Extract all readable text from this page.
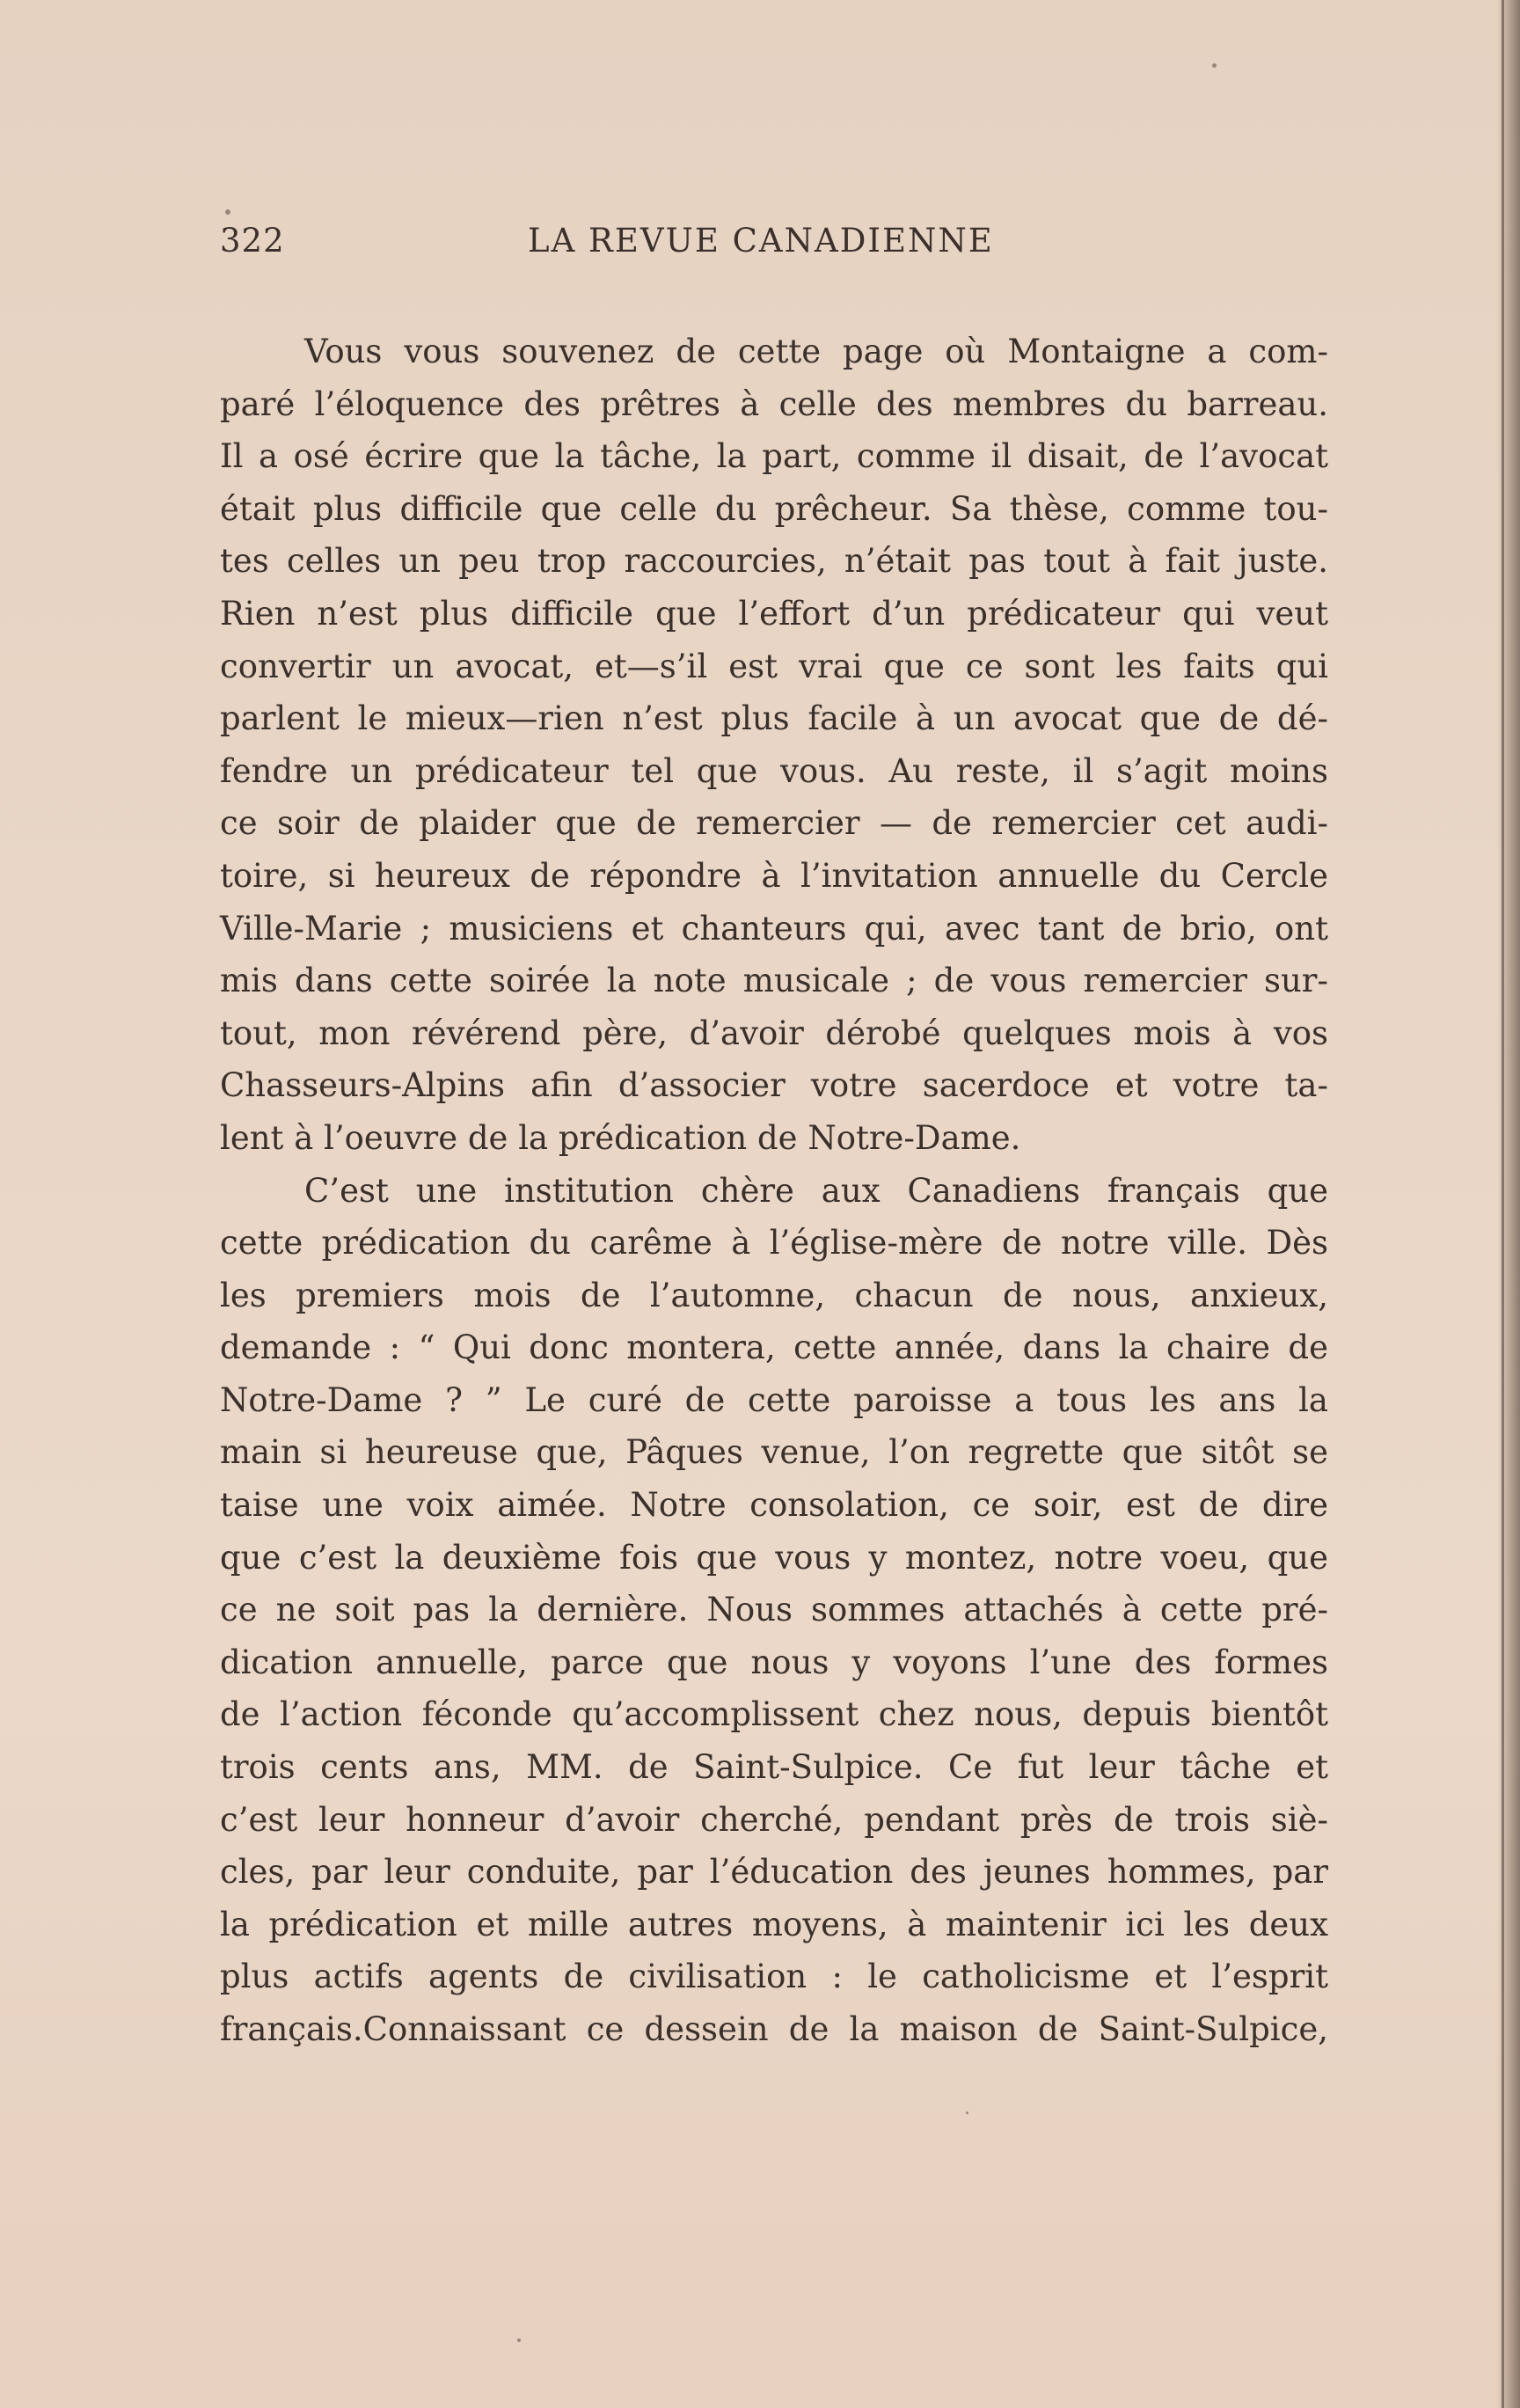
322	LA REVUE CANADIENNE
Vous vous souvenez de cette page où Montaigne a com-
paré l’éloquence des prêtres à celle des membres du barreau.
Il a osé écrire que la tâche, la part, comme il disait, de l’avocat
était plus difficile que celle du prêcheur. Sa thèse, comme tou-
tes celles un peu trop raccourcies, n’était pas tout à fait juste.
Rien n’est plus difficile que l’effort d’un prédicateur qui veut
convertir un avocat, et—s’il est vrai que ce sont les faits qui
parlent le mieux—rien n’est plus facile à un avocat que de dé-
fendre un prédicateur tel que vous. Au reste, il s’agit moins
ce soir de plaider que de remercier — de remercier cet audi-
toire, si heureux de répondre à l’invitation annuelle du Cercle
Ville-Marie ; musiciens et chanteurs qui, avec tant de brio, ont
mis dans cette soirée la note musicale ; de vous remercier sur-
tout, mon révérend père, d’avoir dérobé quelques mois à vos
Chasseurs-Alpins afin d’associer votre sacerdoce et votre ta-
lent à l’oeuvre de la prédication de Notre-Dame.
C’est une institution chère aux Canadiens français que
cette prédication du carême à l’église-mère de notre ville. Dès
les premiers mois de l’automne, chacun de nous, anxieux,
demande : “ Qui donc montera, cette année, dans la chaire de
Notre-Dame ? ” Le curé de cette paroisse a tous les ans la
main si heureuse que, Pâques venue, l’on regrette que sitôt se
taise une voix aimée. Notre consolation, ce soir, est de dire
que c’est la deuxième fois que vous y montez, notre voeu, que
ce ne soit pas la dernière. Nous sommes attachés à cette pré-
dication annuelle, parce que nous y voyons l’une des formes
de l’action féconde qu’accomplissent chez nous, depuis bientôt
trois cents ans, MM. de Saint-Sulpice. Ce fut leur tâche et
c’est leur honneur d’avoir cherché, pendant près de trois siè-
cles, par leur conduite, par l’éducation des jeunes hommes, par
la prédication et mille autres moyens, à maintenir ici les deux
plus actifs agents de civilisation : le catholicisme et l’esprit
français.Connaissant ce dessein de la maison de Saint-Sulpice,
